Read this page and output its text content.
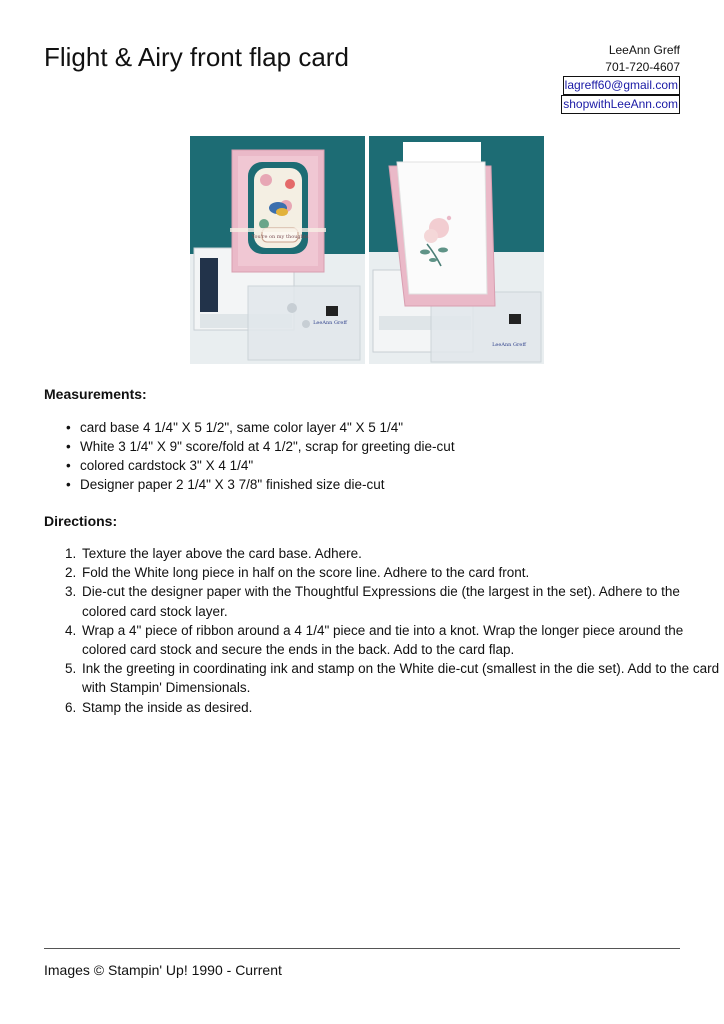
Flight & Airy front flap card	LeeAnn Greff
701-720-4607
lagreff60@gmail.com
shopwithLeeAnn.com
You're on my thoughts
LeeAnn Greff
LeeAnn Greff
Measurements:
• card base 4 1/4" X 5 1/2", same color layer 4" X 5 1/4"
• White 3 1/4" X 9" score/fold at 4 1/2", scrap for greeting die-cut
• colored cardstock 3" X 4 1/4"
• Designer paper 2 1/4" X 3 7/8" finished size die-cut
Directions:
1. Texture the layer above the card base. Adhere.
2. Fold the White long piece in half on the score line. Adhere to the card front.
3. Die-cut the designer paper with the Thoughtful Expressions die (the largest in the set). Adhere to the colored card stock layer.
4. Wrap a 4" piece of ribbon around a 4 1/4" piece and tie into a knot. Wrap the longer piece around the colored card stock and secure the ends in the back. Add to the card flap.
5. Ink the greeting in coordinating ink and stamp on the White die-cut (smallest in the die set). Add to the card with Stampin' Dimensionals.
6. Stamp the inside as desired.
Images © Stampin' Up! 1990 - Current
